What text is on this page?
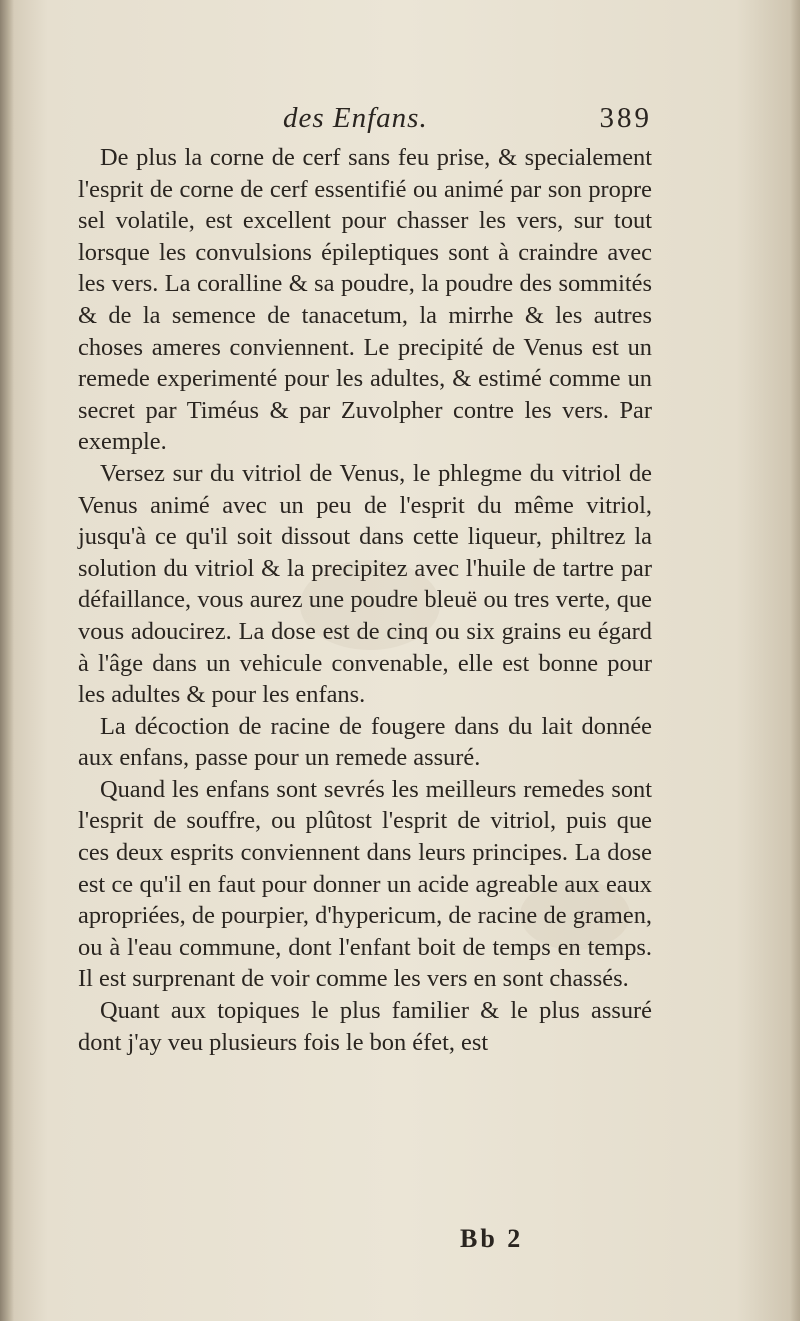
des Enfans.	389

De plus la corne de cerf sans feu prise, & specialement l'esprit de corne de cerf essentifié ou animé par son propre sel volatile, est excellent pour chasser les vers, sur tout lorsque les convulsions épileptiques sont à craindre avec les vers. La coralline & sa poudre, la poudre des sommités & de la semence de tanacetum, la mirrhe & les autres choses ameres conviennent. Le precipité de Venus est un remede experimenté pour les adultes, & estimé comme un secret par Timéus & par Zuvolpher contre les vers. Par exemple.

Versez sur du vitriol de Venus, le phlegme du vitriol de Venus animé avec un peu de l'esprit du même vitriol, jusqu'à ce qu'il soit dissout dans cette liqueur, philtrez la solution du vitriol & la precipitez avec l'huile de tartre par défaillance, vous aurez une poudre bleuë ou tres verte, que vous adoucirez. La dose est de cinq ou six grains eu égard à l'âge dans un vehicule convenable, elle est bonne pour les adultes & pour les enfans.

La décoction de racine de fougere dans du lait donnée aux enfans, passe pour un remede assuré.

Quand les enfans sont sevrés les meilleurs remedes sont l'esprit de souffre, ou plûtost l'esprit de vitriol, puis que ces deux esprits conviennent dans leurs principes. La dose est ce qu'il en faut pour donner un acide agreable aux eaux apropriées, de pourpier, d'hypericum, de racine de gramen, ou à l'eau commune, dont l'enfant boit de temps en temps. Il est surprenant de voir comme les vers en sont chassés.

Quant aux topiques le plus familier & le plus assuré dont j'ay veu plusieurs fois le bon éfet, est

Bb 2
